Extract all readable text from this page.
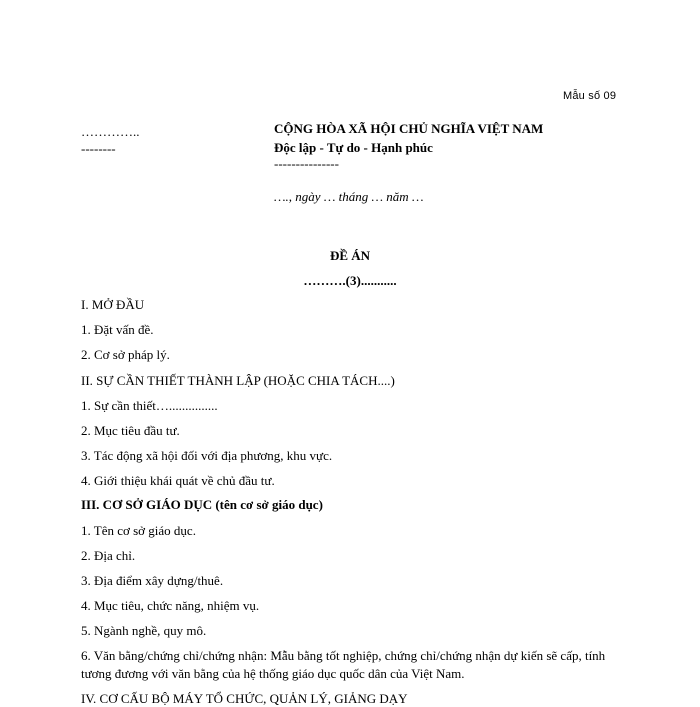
Mẫu số 09
…………..
--------
CỘNG HÒA XÃ HỘI CHỦ NGHĨA VIỆT NAM
Độc lập - Tự do - Hạnh phúc
---------------
…., ngày … tháng … năm …
ĐỀ ÁN
……….(3)...........
I. MỞ ĐẦU
1. Đặt vấn đề.
2. Cơ sở pháp lý.
II. SỰ CẦN THIẾT THÀNH LẬP (HOẶC CHIA TÁCH....)
1. Sự cần thiết…...............
2. Mục tiêu đầu tư.
3. Tác động xã hội đối với địa phương, khu vực.
4. Giới thiệu khái quát về chủ đầu tư.
III. CƠ SỞ GIÁO DỤC (tên cơ sở giáo dục)
1. Tên cơ sở giáo dục.
2. Địa chỉ.
3. Địa điểm xây dựng/thuê.
4. Mục tiêu, chức năng, nhiệm vụ.
5. Ngành nghề, quy mô.
6. Văn bằng/chứng chỉ/chứng nhận: Mẫu bằng tốt nghiệp, chứng chỉ/chứng nhận dự kiến sẽ cấp, tính tương đương với văn bằng của hệ thống giáo dục quốc dân của Việt Nam.
IV. CƠ CẤU BỘ MÁY TỔ CHỨC, QUẢN LÝ, GIẢNG DẠY
